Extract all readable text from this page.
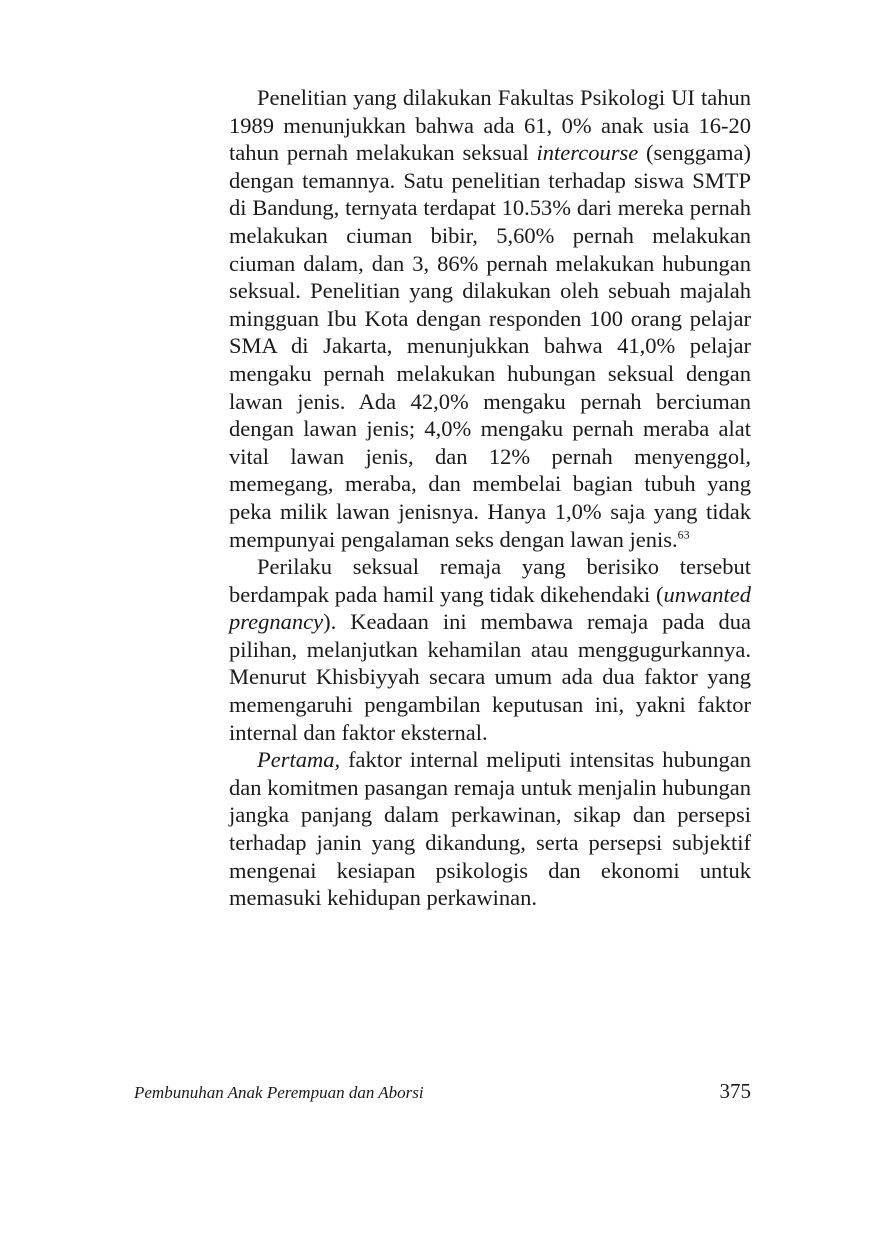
Penelitian yang dilakukan Fakultas Psikologi UI tahun 1989 menunjukkan bahwa ada 61, 0% anak usia 16-20 tahun pernah melakukan seksual intercourse (senggama) dengan temannya. Satu penelitian terhadap siswa SMTP di Bandung, ternyata terdapat 10.53% dari mereka pernah melakukan ciuman bibir, 5,60% pernah melakukan ciuman dalam, dan 3, 86% pernah melakukan hubungan seksual. Penelitian yang dilakukan oleh sebuah majalah mingguan Ibu Kota dengan responden 100 orang pelajar SMA di Jakarta, menunjukkan bahwa 41,0% pelajar mengaku pernah melakukan hubungan seksual dengan lawan jenis. Ada 42,0% mengaku pernah berciuman dengan lawan jenis; 4,0% mengaku pernah meraba alat vital lawan jenis, dan 12% pernah menyenggol, memegang, meraba, dan membelai bagian tubuh yang peka milik lawan jenisnya. Hanya 1,0% saja yang tidak mempunyai pengalaman seks dengan lawan jenis.$^{63}$

Perilaku seksual remaja yang berisiko tersebut berdampak pada hamil yang tidak dikehendaki (unwanted pregnancy). Keadaan ini membawa remaja pada dua pilihan, melanjutkan kehamilan atau menggugurkannya. Menurut Khisbiyyah secara umum ada dua faktor yang memengaruhi pengambilan keputusan ini, yakni faktor internal dan faktor eksternal.

Pertama, faktor internal meliputi intensitas hubungan dan komitmen pasangan remaja untuk menjalin hubungan jangka panjang dalam perkawinan, sikap dan persepsi terhadap janin yang dikandung, serta persepsi subjektif mengenai kesiapan psikologis dan ekonomi untuk memasuki kehidupan perkawinan.

Pembunuhan Anak Perempuan dan Aborsi	375
